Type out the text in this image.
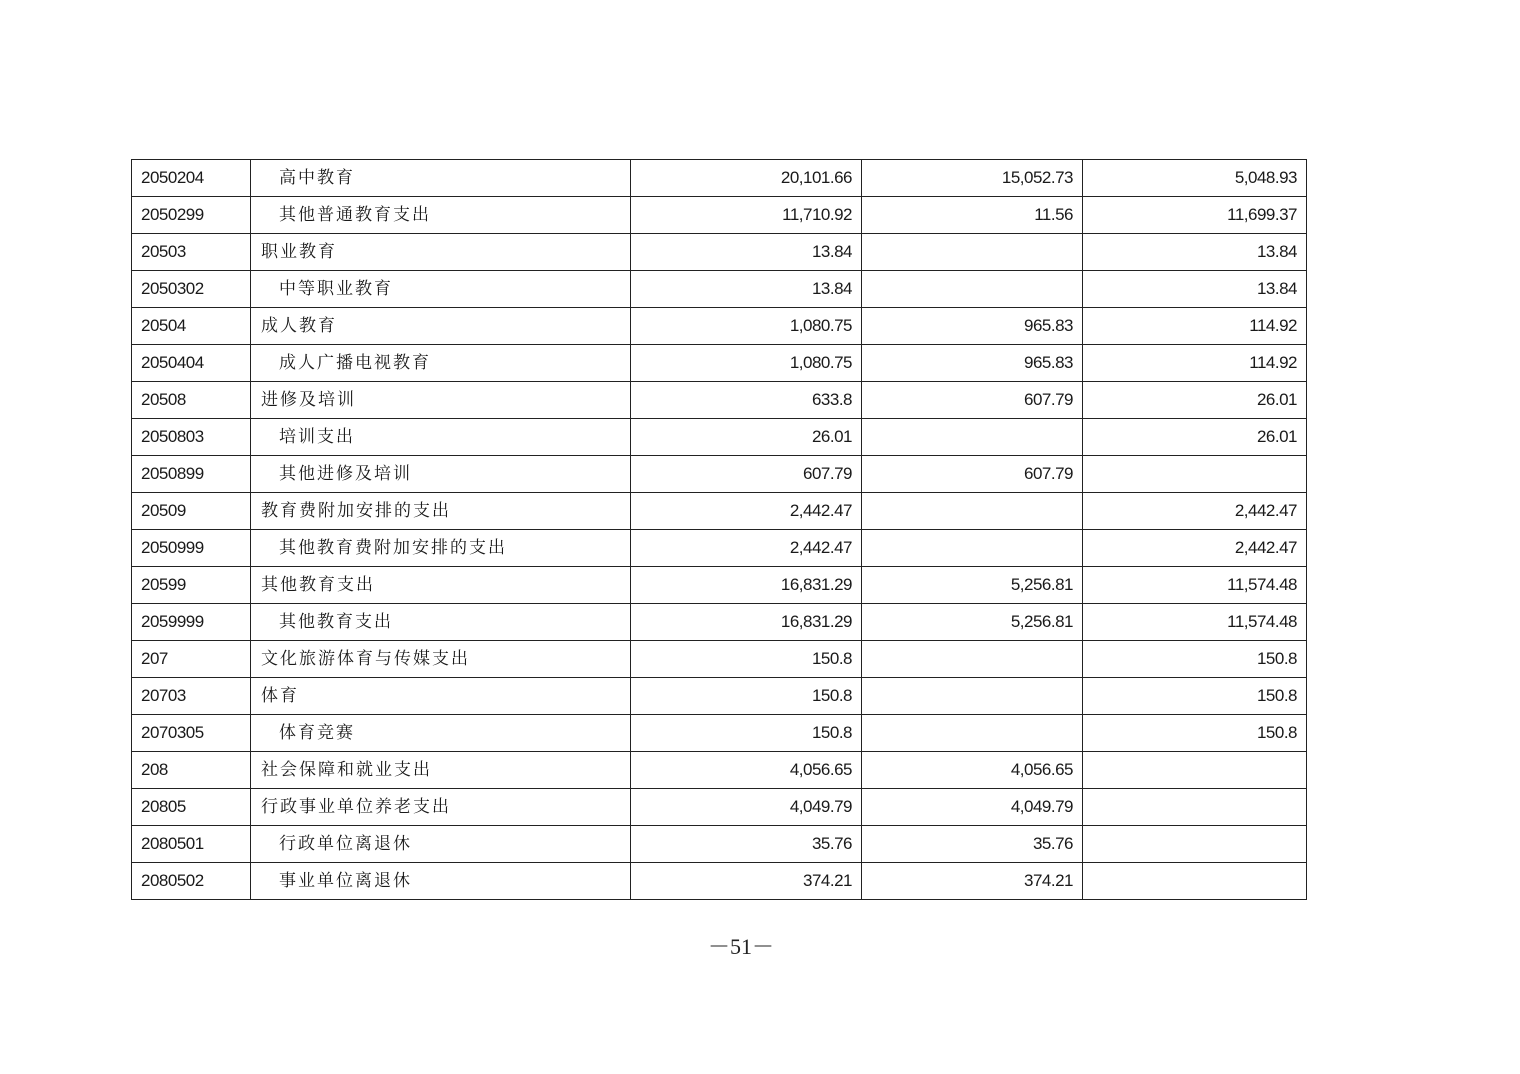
2050204	高中教育	20,101.66	15,052.73	5,048.93
2050299	其他普通教育支出	11,710.92	11.56	11,699.37
20503	职业教育	13.84		13.84
2050302	中等职业教育	13.84		13.84
20504	成人教育	1,080.75	965.83	114.92
2050404	成人广播电视教育	1,080.75	965.83	114.92
20508	进修及培训	633.8	607.79	26.01
2050803	培训支出	26.01		26.01
2050899	其他进修及培训	607.79	607.79	
20509	教育费附加安排的支出	2,442.47		2,442.47
2050999	其他教育费附加安排的支出	2,442.47		2,442.47
20599	其他教育支出	16,831.29	5,256.81	11,574.48
2059999	其他教育支出	16,831.29	5,256.81	11,574.48
207	文化旅游体育与传媒支出	150.8		150.8
20703	体育	150.8		150.8
2070305	体育竞赛	150.8		150.8
208	社会保障和就业支出	4,056.65	4,056.65	
20805	行政事业单位养老支出	4,049.79	4,049.79	
2080501	行政单位离退休	35.76	35.76	
2080502	事业单位离退休	374.21	374.21	
－51－
